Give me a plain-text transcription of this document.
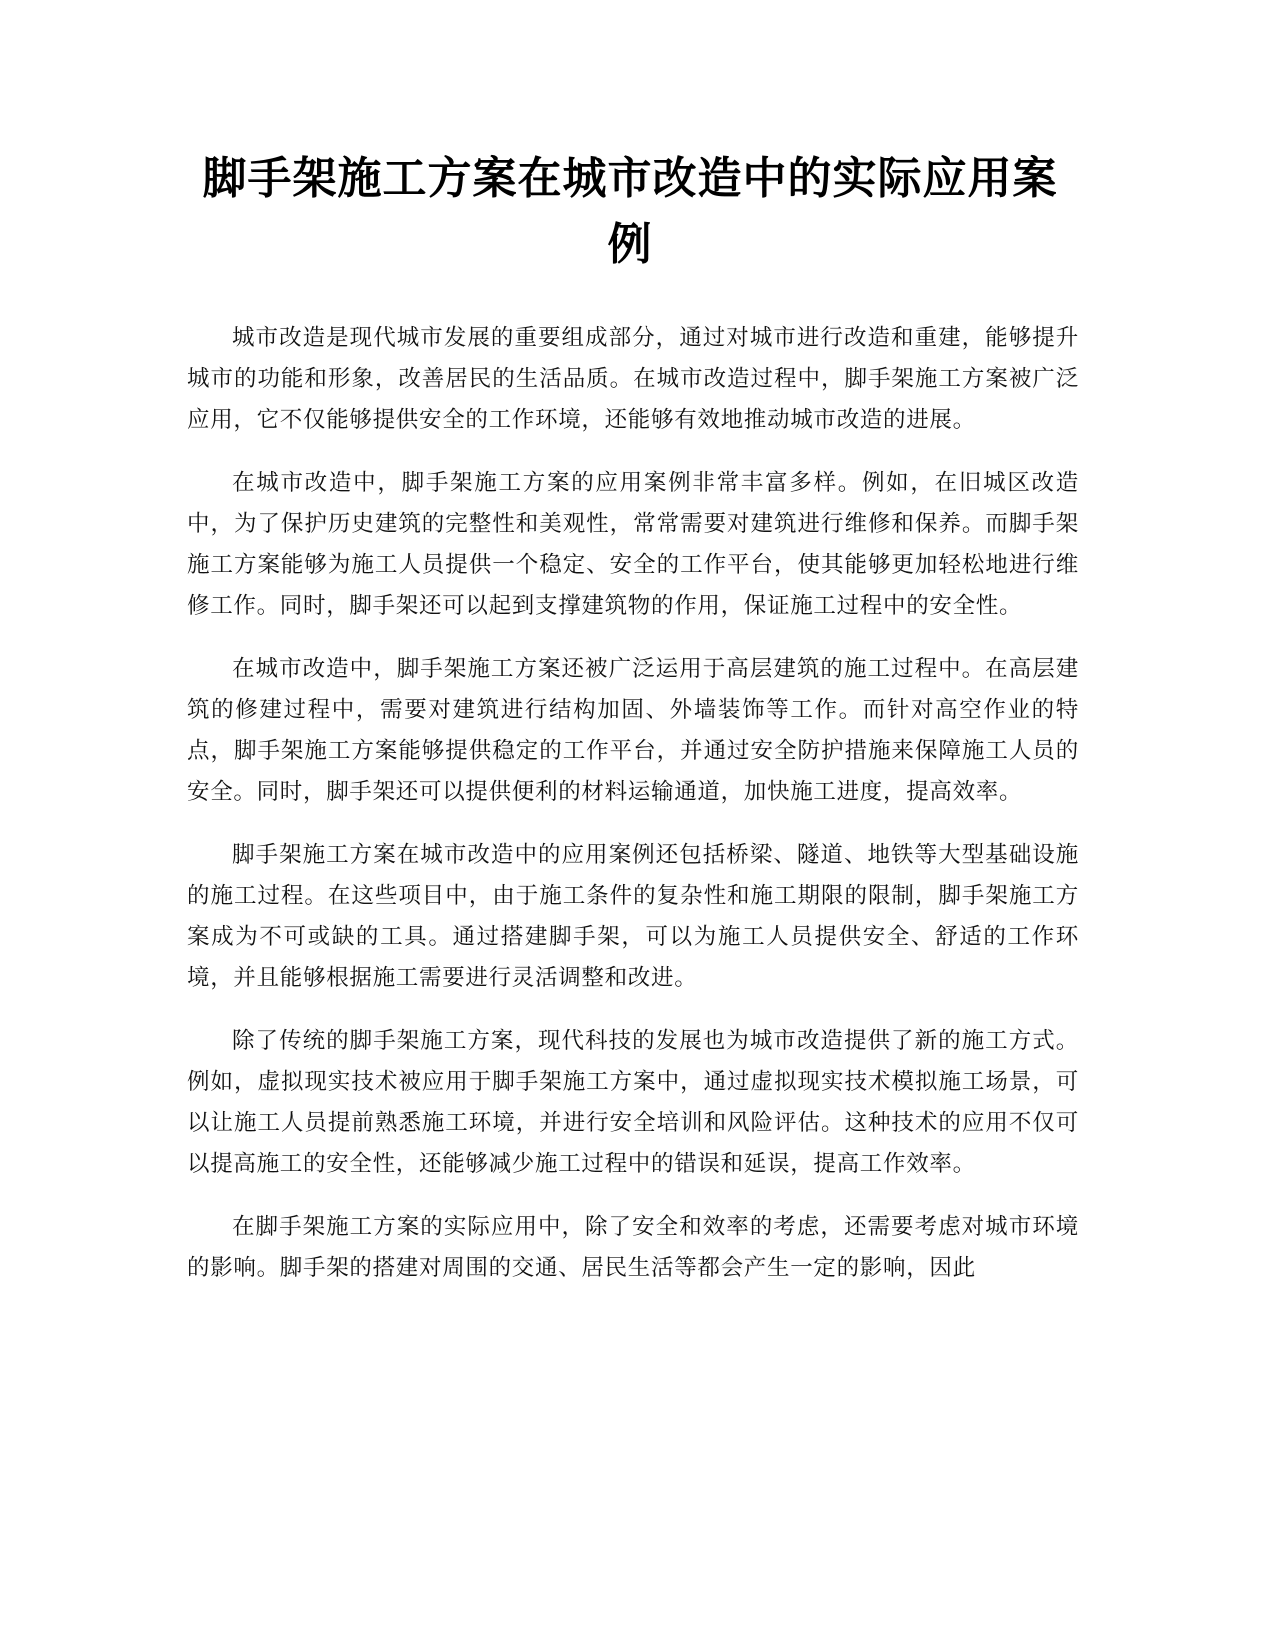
脚手架施工方案在城市改造中的实际应用案例

城市改造是现代城市发展的重要组成部分，通过对城市进行改造和重建，能够提升城市的功能和形象，改善居民的生活品质。在城市改造过程中，脚手架施工方案被广泛应用，它不仅能够提供安全的工作环境，还能够有效地推动城市改造的进展。

在城市改造中，脚手架施工方案的应用案例非常丰富多样。例如，在旧城区改造中，为了保护历史建筑的完整性和美观性，常常需要对建筑进行维修和保养。而脚手架施工方案能够为施工人员提供一个稳定、安全的工作平台，使其能够更加轻松地进行维修工作。同时，脚手架还可以起到支撑建筑物的作用，保证施工过程中的安全性。

在城市改造中，脚手架施工方案还被广泛运用于高层建筑的施工过程中。在高层建筑的修建过程中，需要对建筑进行结构加固、外墙装饰等工作。而针对高空作业的特点，脚手架施工方案能够提供稳定的工作平台，并通过安全防护措施来保障施工人员的安全。同时，脚手架还可以提供便利的材料运输通道，加快施工进度，提高效率。

脚手架施工方案在城市改造中的应用案例还包括桥梁、隧道、地铁等大型基础设施的施工过程。在这些项目中，由于施工条件的复杂性和施工期限的限制，脚手架施工方案成为不可或缺的工具。通过搭建脚手架，可以为施工人员提供安全、舒适的工作环境，并且能够根据施工需要进行灵活调整和改进。

除了传统的脚手架施工方案，现代科技的发展也为城市改造提供了新的施工方式。例如，虚拟现实技术被应用于脚手架施工方案中，通过虚拟现实技术模拟施工场景，可以让施工人员提前熟悉施工环境，并进行安全培训和风险评估。这种技术的应用不仅可以提高施工的安全性，还能够减少施工过程中的错误和延误，提高工作效率。

在脚手架施工方案的实际应用中，除了安全和效率的考虑，还需要考虑对城市环境的影响。脚手架的搭建对周围的交通、居民生活等都会产生一定的影响，因此
